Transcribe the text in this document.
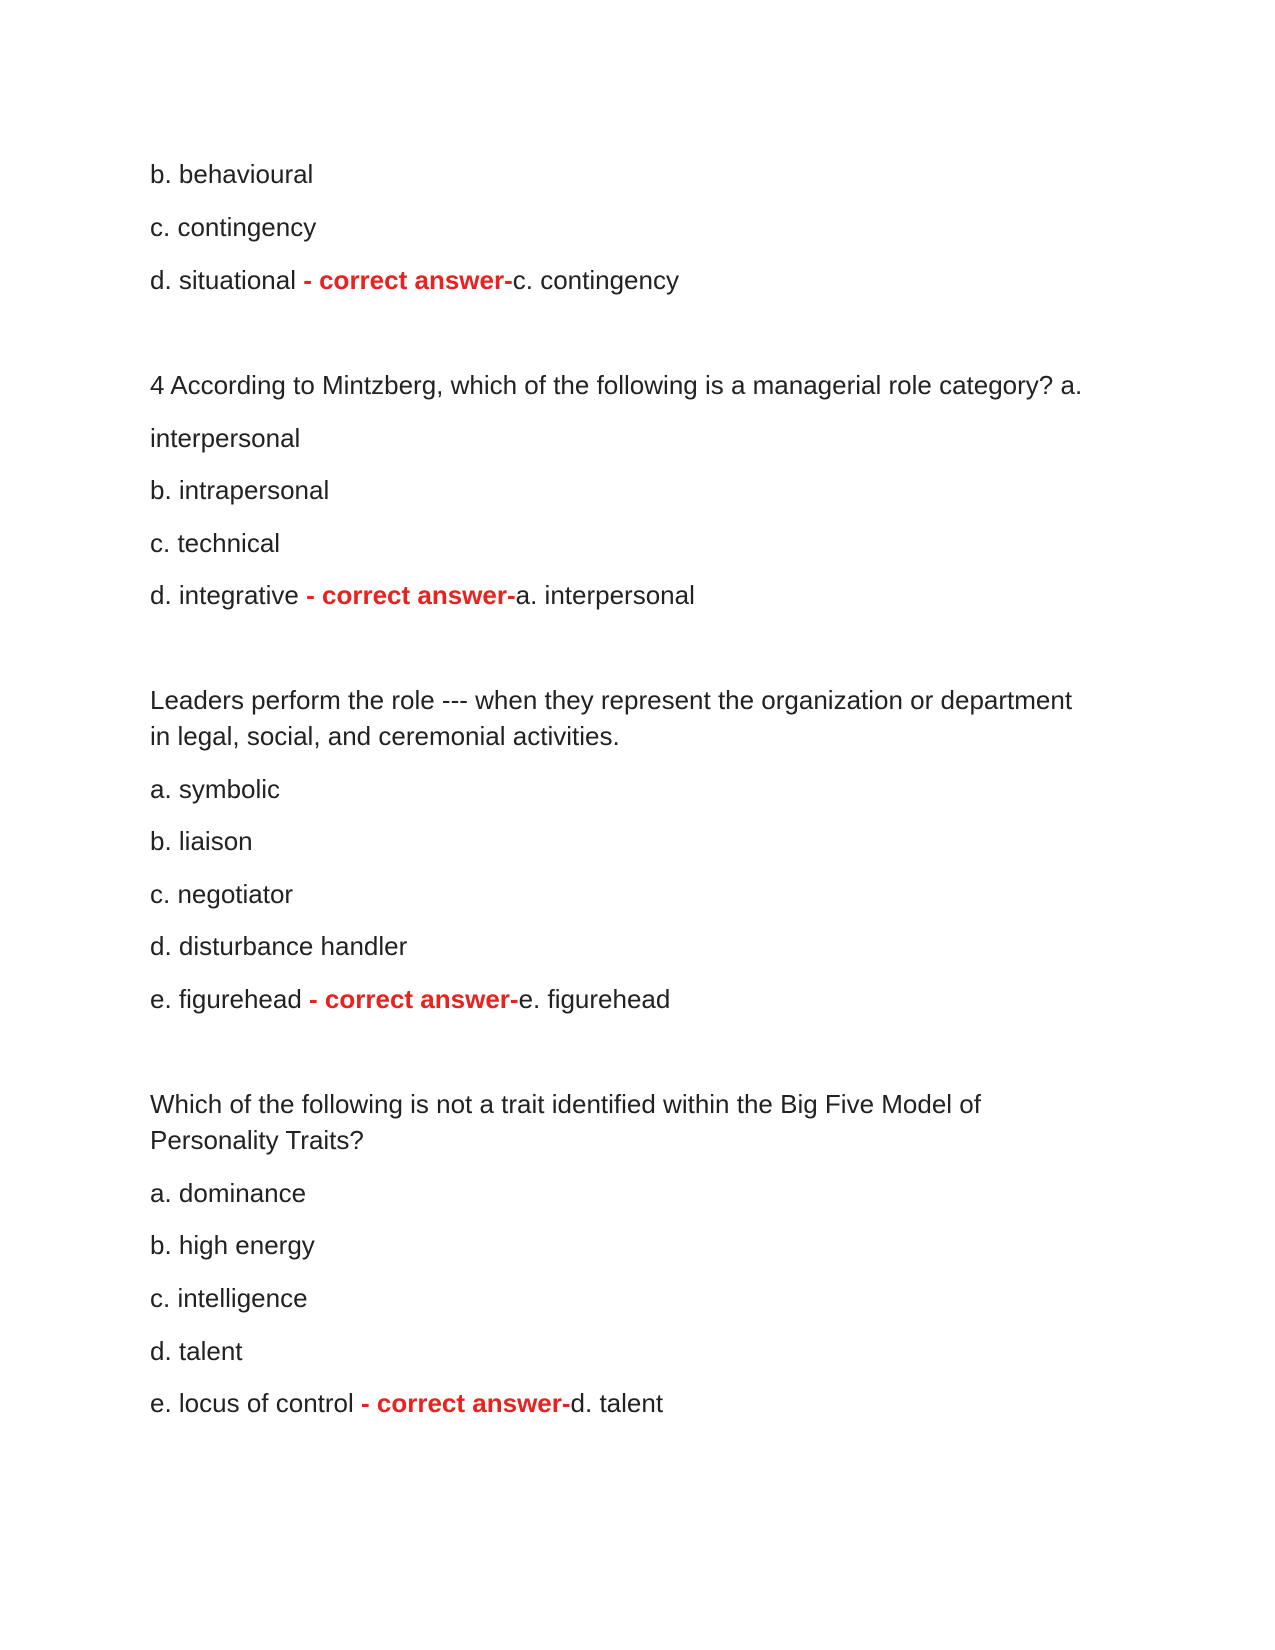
b. behavioural
c. contingency
d. situational - correct answer-c. contingency
4 According to Mintzberg, which of the following is a managerial role category? a.
interpersonal
b. intrapersonal
c. technical
d. integrative - correct answer-a. interpersonal
Leaders perform the role --- when they represent the organization or department
in legal, social, and ceremonial activities.
a. symbolic
b. liaison
c. negotiator
d. disturbance handler
e. figurehead - correct answer-e. figurehead
Which of the following is not a trait identified within the Big Five Model of
Personality Traits?
a. dominance
b. high energy
c. intelligence
d. talent
e. locus of control - correct answer-d. talent
